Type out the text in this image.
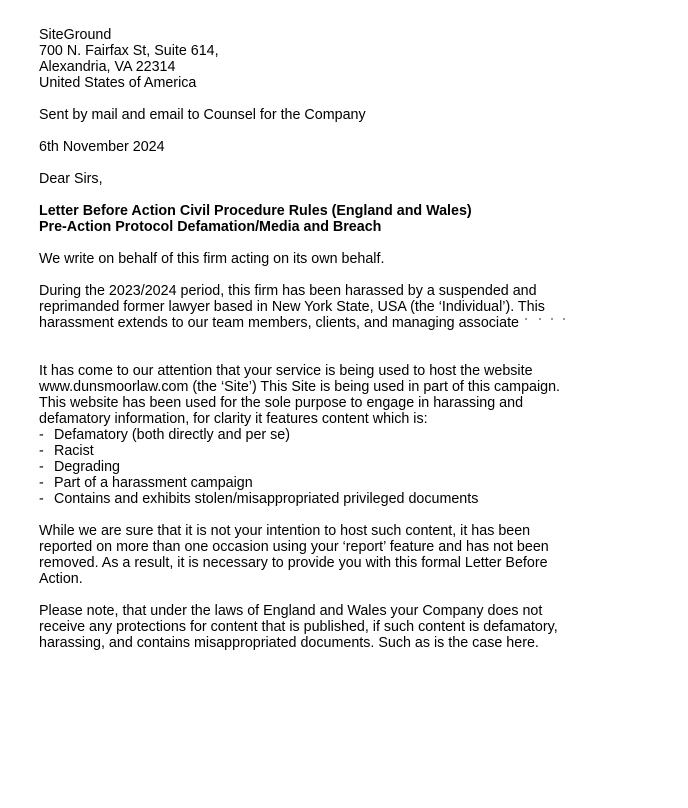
SiteGround
700 N. Fairfax St, Suite 614,
Alexandria, VA 22314
United States of America
Sent by mail and email to Counsel for the Company
6th November 2024
Dear Sirs,
Letter Before Action Civil Procedure Rules (England and Wales)
Pre-Action Protocol Defamation/Media and Breach
We write on behalf of this firm acting on its own behalf.
During the 2023/2024 period, this firm has been harassed by a suspended and
reprimanded former lawyer based in New York State, USA (the ‘Individual’). This
harassment extends to our team members, clients, and managing associate
It has come to our attention that your service is being used to host the website
www.dunsmoorlaw.com (the ‘Site’) This Site is being used in part of this campaign.
This website has been used for the sole purpose to engage in harassing and
defamatory information, for clarity it features content which is:
- Defamatory (both directly and per se)
- Racist
- Degrading
- Part of a harassment campaign
- Contains and exhibits stolen/misappropriated privileged documents
While we are sure that it is not your intention to host such content, it has been
reported on more than one occasion using your ‘report’ feature and has not been
removed. As a result, it is necessary to provide you with this formal Letter Before
Action.
Please note, that under the laws of England and Wales your Company does not
receive any protections for content that is published, if such content is defamatory,
harassing, and contains misappropriated documents. Such as is the case here.
